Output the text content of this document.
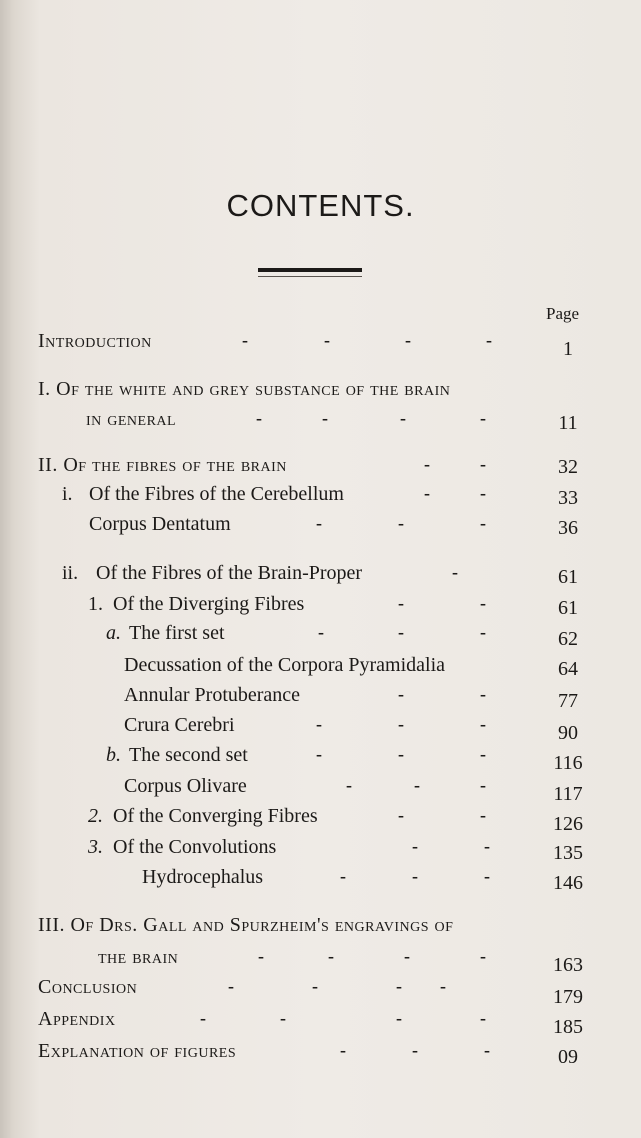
CONTENTS.
Page
Introduction	-	-	-	-	1
I. Of the white and grey substance of the brain
in general	-	-	-	-	11
II. Of the fibres of the brain	-	-	32
i. Of the Fibres of the Cerebellum	-	-	33
Corpus Dentatum	-	-	-	36
ii. Of the Fibres of the Brain-Proper	-	61
1. Of the Diverging Fibres	-	-	61
a. The first set	-	-	-	62
Decussation of the Corpora Pyramidalia	64
Annular Protuberance	-	-	77
Crura Cerebri	-	-	-	90
b. The second set	-	-	-	116
Corpus Olivare	-	-	-	117
2. Of the Converging Fibres	-	-	126
3. Of the Convolutions	-	-	135
Hydrocephalus	-	-	-	146
III. Of Drs. Gall and Spurzheim's engravings of
the brain	-	-	-	-	163
Conclusion	-	-	- -	179
Appendix	-	-	-	-	185
Explanation of figures	-	-	-	09
